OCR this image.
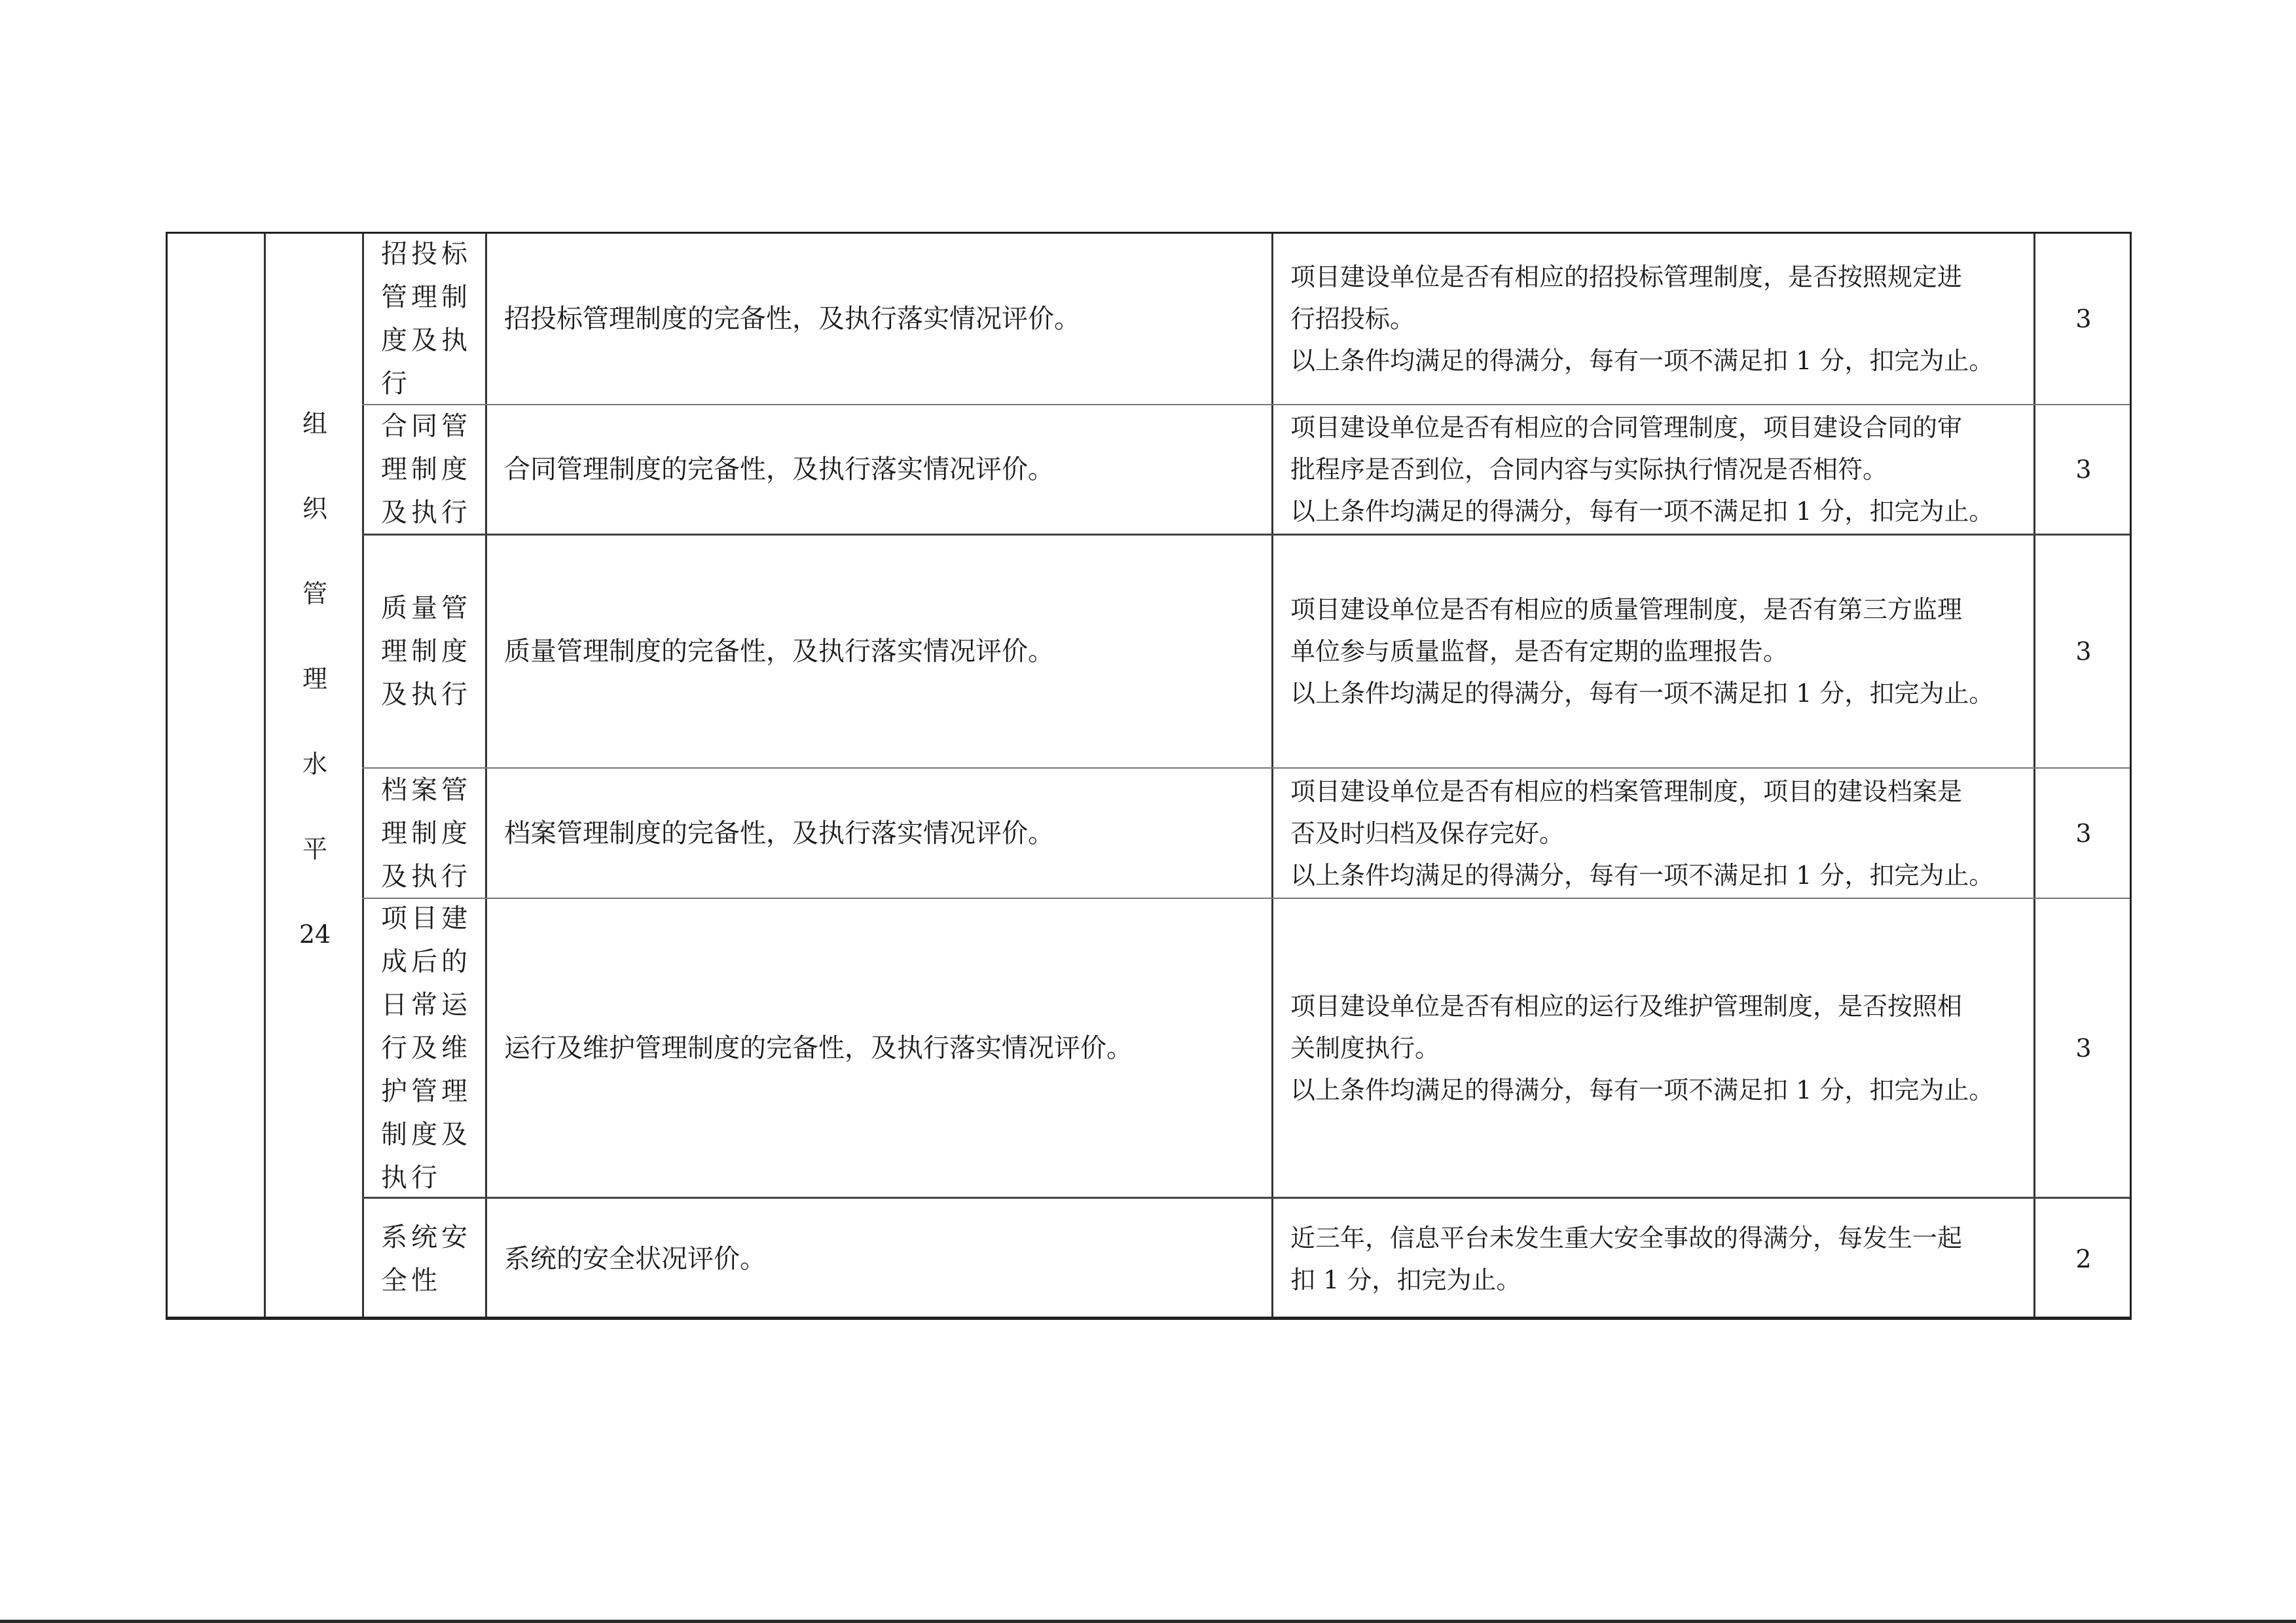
组
织
管
理
水
平
24
招投标管理制度及执行
招投标管理制度的完备性，及执行落实情况评价。
项目建设单位是否有相应的招投标管理制度，是否按照规定进
行招投标。
以上条件均满足的得满分，每有一项不满足扣 1 分，扣完为止。
3
合同管理制度及执行
合同管理制度的完备性，及执行落实情况评价。
项目建设单位是否有相应的合同管理制度，项目建设合同的审
批程序是否到位，合同内容与实际执行情况是否相符。
以上条件均满足的得满分，每有一项不满足扣 1 分，扣完为止。
3
质量管理制度及执行
质量管理制度的完备性，及执行落实情况评价。
项目建设单位是否有相应的质量管理制度，是否有第三方监理
单位参与质量监督，是否有定期的监理报告。
以上条件均满足的得满分，每有一项不满足扣 1 分，扣完为止。
3
档案管理制度及执行
档案管理制度的完备性，及执行落实情况评价。
项目建设单位是否有相应的档案管理制度，项目的建设档案是
否及时归档及保存完好。
以上条件均满足的得满分，每有一项不满足扣 1 分，扣完为止。
3
项目建成后的日常运行及维护管理制度及执行
运行及维护管理制度的完备性，及执行落实情况评价。
项目建设单位是否有相应的运行及维护管理制度，是否按照相
关制度执行。
以上条件均满足的得满分，每有一项不满足扣 1 分，扣完为止。
3
系统安全性
系统的安全状况评价。
近三年，信息平台未发生重大安全事故的得满分，每发生一起
扣 1 分，扣完为止。
2
